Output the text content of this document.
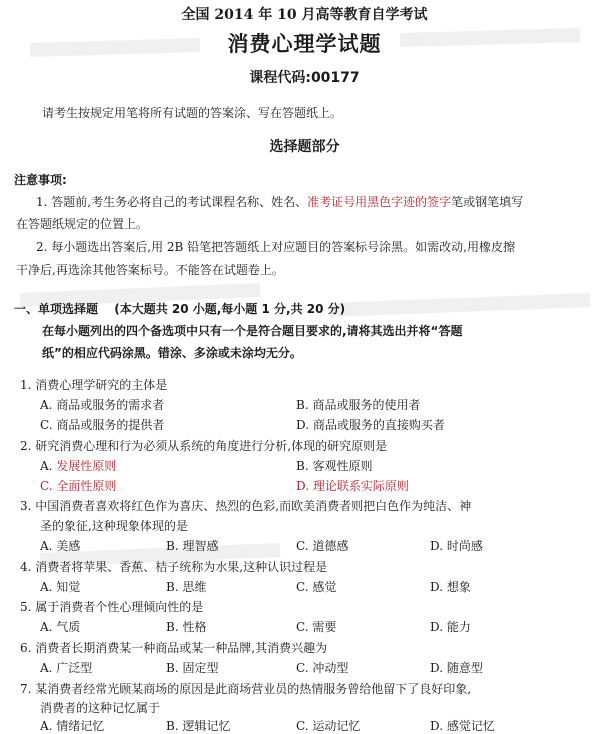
全国 2014 年 10 月高等教育自学考试
消费心理学试题
课程代码:00177
请考生按规定用笔将所有试题的答案涂、写在答题纸上。
选择题部分
注意事项:
1. 答题前,考生务必将自己的考试课程名称、姓名、准考证号用黑色字迹的签字笔或钢笔填写
在答题纸规定的位置上。
2. 每小题选出答案后,用 2B 铅笔把答题纸上对应题目的答案标号涂黑。如需改动,用橡皮擦
干净后,再选涂其他答案标号。不能答在试题卷上。
一、单项选择题 (本大题共 20 小题,每小题 1 分,共 20 分)
在每小题列出的四个备选项中只有一个是符合题目要求的,请将其选出并将“答题
纸”的相应代码涂黑。错涂、多涂或未涂均无分。
1. 消费心理学研究的主体是
A. 商品或服务的需求者	B. 商品或服务的使用者
C. 商品或服务的提供者	D. 商品或服务的直接购买者
2. 研究消费心理和行为必须从系统的角度进行分析,体现的研究原则是
A. 发展性原则	B. 客观性原则
C. 全面性原则	D. 理论联系实际原则
3. 中国消费者喜欢将红色作为喜庆、热烈的色彩,而欧美消费者则把白色作为纯洁、神
圣的象征,这种现象体现的是
A. 美感	B. 理智感	C. 道德感	D. 时尚感
4. 消费者将苹果、香蕉、桔子统称为水果,这种认识过程是
A. 知觉	B. 思维	C. 感觉	D. 想象
5. 属于消费者个性心理倾向性的是
A. 气质	B. 性格	C. 需要	D. 能力
6. 消费者长期消费某一种商品或某一种品牌,其消费兴趣为
A. 广泛型	B. 固定型	C. 冲动型	D. 随意型
7. 某消费者经常光顾某商场的原因是此商场营业员的热情服务曾给他留下了良好印象,
消费者的这种记忆属于
A. 情绪记忆	B. 逻辑记忆	C. 运动记忆	D. 感觉记忆
